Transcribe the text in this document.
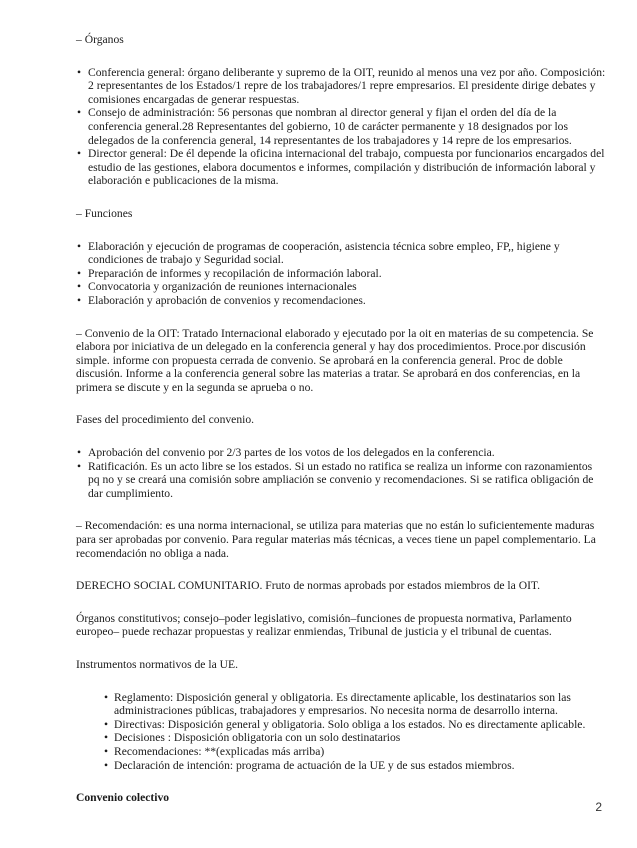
– Órganos

• Conferencia general: órgano deliberante y supremo de la OIT, reunido al menos una vez por año. Composición: 2 representantes de los Estados/1 repre de los trabajadores/1 repre empresarios. El presidente dirige debates y comisiones encargadas de generar respuestas.
• Consejo de administración: 56 personas que nombran al director general y fijan el orden del día de la conferencia general.28 Representantes del gobierno, 10 de carácter permanente y 18 designados por los delegados de la conferencia general, 14 representantes de los trabajadores y 14 repre de los empresarios.
• Director general: De él depende la oficina internacional del trabajo, compuesta por funcionarios encargados del estudio de las gestiones, elabora documentos e informes, compilación y distribución de información laboral y elaboración e publicaciones de la misma.

– Funciones

• Elaboración y ejecución de programas de cooperación, asistencia técnica sobre empleo, FP,, higiene y condiciones de trabajo y Seguridad social.
• Preparación de informes y recopilación de información laboral.
• Convocatoria y organización de reuniones internacionales
• Elaboración y aprobación de convenios y recomendaciones.

– Convenio de la OIT: Tratado Internacional elaborado y ejecutado por la oit en materias de su competencia. Se elabora por iniciativa de un delegado en la conferencia general y hay dos procedimientos. Proce.por discusión simple. informe con propuesta cerrada de convenio. Se aprobará en la conferencia general. Proc de doble discusión. Informe a la conferencia general sobre las materias a tratar. Se aprobará en dos conferencias, en la primera se discute y en la segunda se aprueba o no.

Fases del procedimiento del convenio.

• Aprobación del convenio por 2/3 partes de los votos de los delegados en la conferencia.
• Ratificación. Es un acto libre se los estados. Si un estado no ratifica se realiza un informe con razonamientos pq no y se creará una comisión sobre ampliación se convenio y recomendaciones. Si se ratifica obligación de dar cumplimiento.

– Recomendación: es una norma internacional, se utiliza para materias que no están lo suficientemente maduras para ser aprobadas por convenio. Para regular materias más técnicas, a veces tiene un papel complementario. La recomendación no obliga a nada.

DERECHO SOCIAL COMUNITARIO. Fruto de normas aprobads por estados miembros de la OIT.

Órganos constitutivos; consejo–poder legislativo, comisión–funciones de propuesta normativa, Parlamento europeo– puede rechazar propuestas y realizar enmiendas, Tribunal de justicia y el tribunal de cuentas.

Instrumentos normativos de la UE.

• Reglamento: Disposición general y obligatoria. Es directamente aplicable, los destinatarios son las administraciones públicas, trabajadores y empresarios. No necesita norma de desarrollo interna.
• Directivas: Disposición general y obligatoria. Solo obliga a los estados. No es directamente aplicable.
• Decisiones : Disposición obligatoria con un solo destinatarios
• Recomendaciones: **(explicadas más arriba)
• Declaración de intención: programa de actuación de la UE y de sus estados miembros.

Convenio colectivo

2
